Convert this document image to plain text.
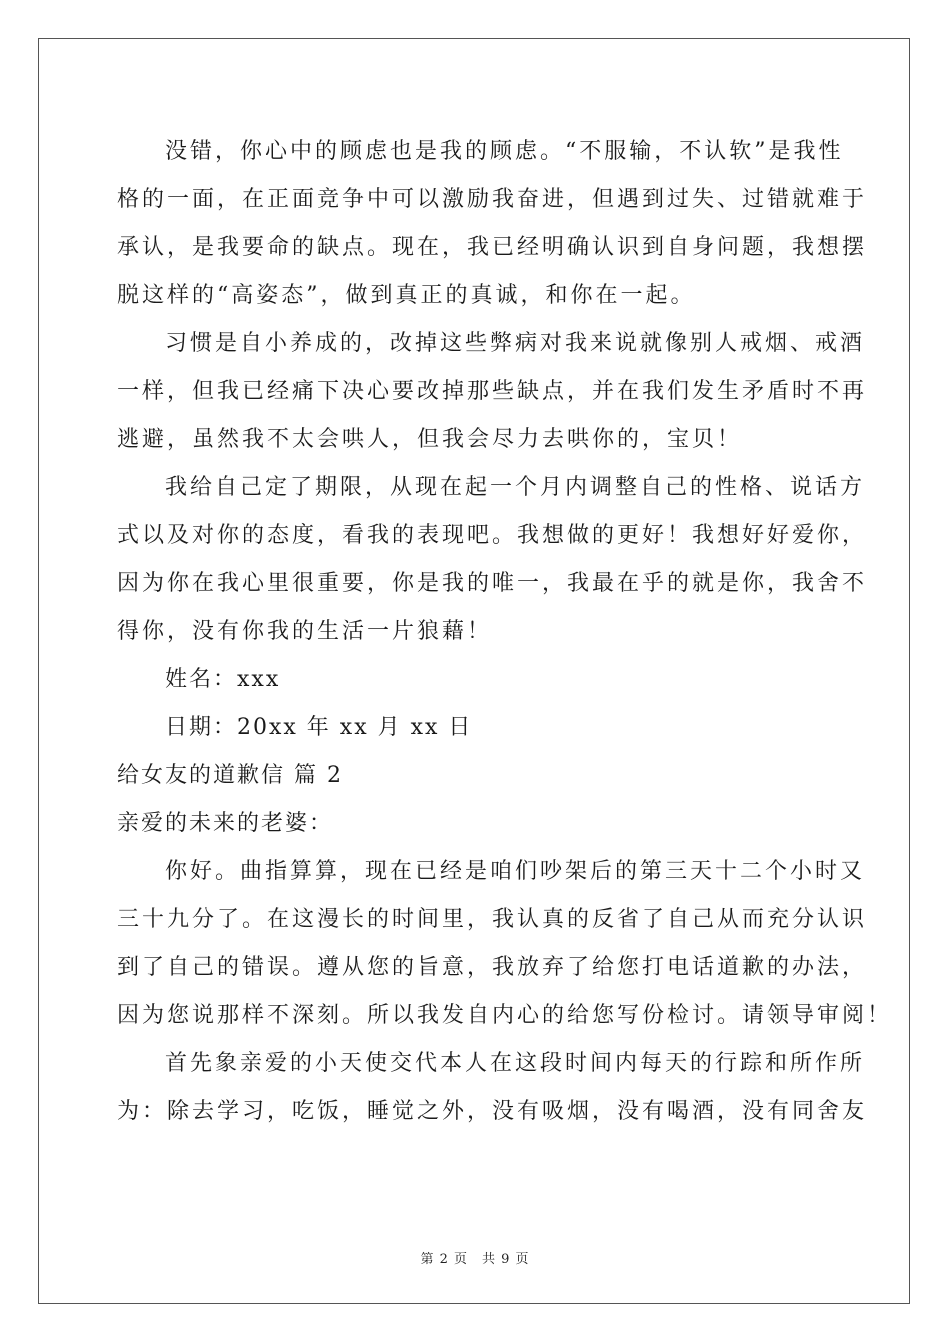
没错，你心中的顾虑也是我的顾虑。“不服输，不认软”是我性
格的一面，在正面竞争中可以激励我奋进，但遇到过失、过错就难于
承认，是我要命的缺点。现在，我已经明确认识到自身问题，我想摆
脱这样的“高姿态”，做到真正的真诚，和你在一起。

习惯是自小养成的，改掉这些弊病对我来说就像别人戒烟、戒酒
一样，但我已经痛下决心要改掉那些缺点，并在我们发生矛盾时不再
逃避，虽然我不太会哄人，但我会尽力去哄你的，宝贝！

我给自己定了期限，从现在起一个月内调整自己的性格、说话方
式以及对你的态度，看我的表现吧。我想做的更好！我想好好爱你，
因为你在我心里很重要，你是我的唯一，我最在乎的就是你，我舍不
得你，没有你我的生活一片狼藉！

姓名：xxx

日期：20xx 年 xx 月 xx 日

给女友的道歉信 篇 2

亲爱的未来的老婆：

你好。曲指算算，现在已经是咱们吵架后的第三天十二个小时又
三十九分了。在这漫长的时间里，我认真的反省了自己从而充分认识
到了自己的错误。遵从您的旨意，我放弃了给您打电话道歉的办法，
因为您说那样不深刻。所以我发自内心的给您写份检讨。请领导审阅！

首先象亲爱的小天使交代本人在这段时间内每天的行踪和所作所
为：除去学习，吃饭，睡觉之外，没有吸烟，没有喝酒，没有同舍友

第 2 页 共 9 页
